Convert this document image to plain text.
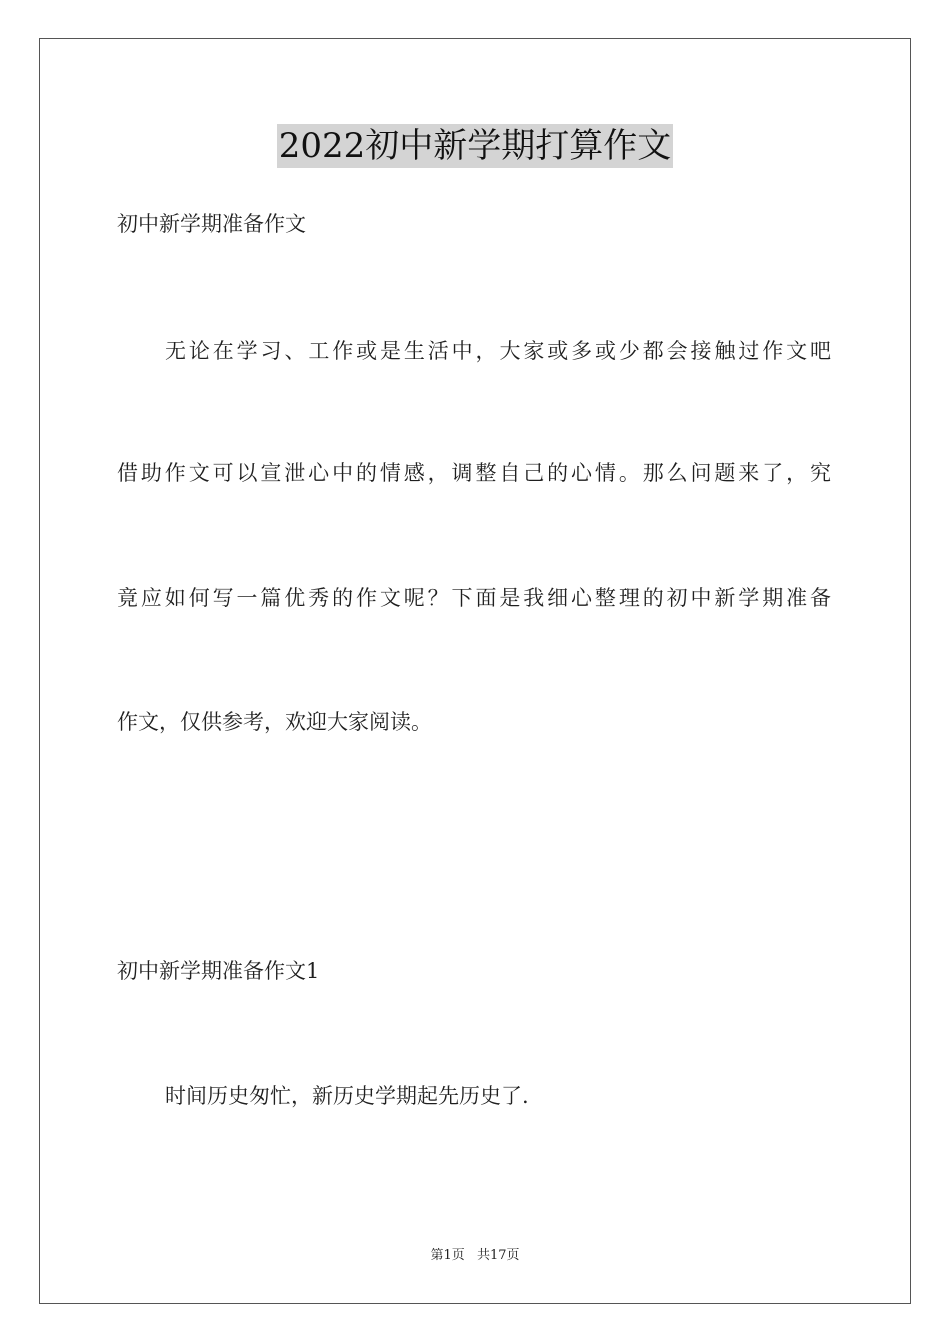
2022初中新学期打算作文
初中新学期准备作文
无论在学习、工作或是生活中，大家或多或少都会接触过作文吧
借助作文可以宣泄心中的情感，调整自己的心情。那么问题来了，究
竟应如何写一篇优秀的作文呢？下面是我细心整理的初中新学期准备
作文，仅供参考，欢迎大家阅读。
初中新学期准备作文1
时间历史匆忙，新历史学期起先历史了.
第1页 共17页
